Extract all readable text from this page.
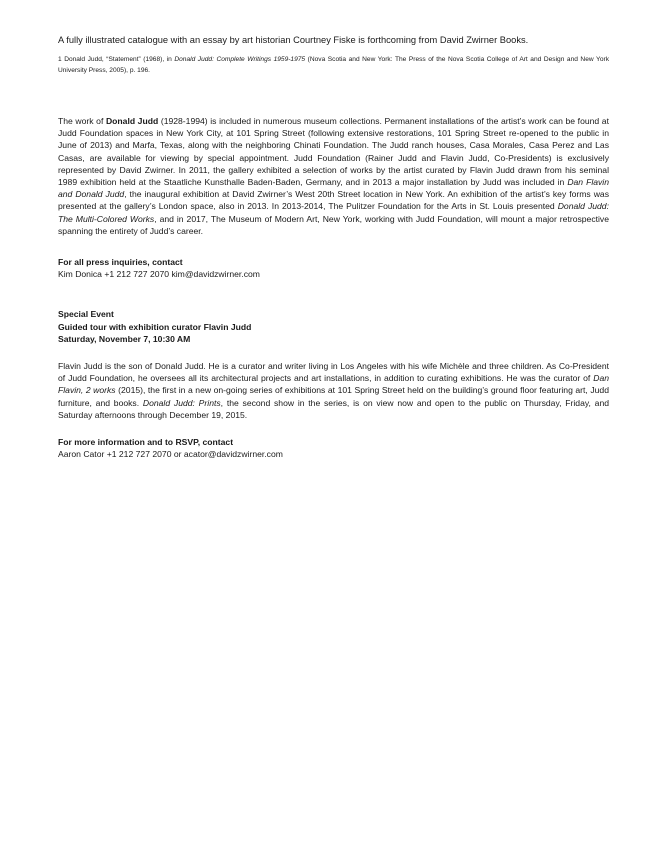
A fully illustrated catalogue with an essay by art historian Courtney Fiske is forthcoming from David Zwirner Books.

1 Donald Judd, “Statement” (1968), in Donald Judd: Complete Writings 1959-1975 (Nova Scotia and New York: The Press of the Nova Scotia College of Art and Design and New York University Press, 2005), p. 196.

The work of Donald Judd (1928-1994) is included in numerous museum collections. Permanent installations of the artist’s work can be found at Judd Foundation spaces in New York City, at 101 Spring Street (following extensive restorations, 101 Spring Street re-opened to the public in June of 2013) and Marfa, Texas, along with the neighboring Chinati Foundation. The Judd ranch houses, Casa Morales, Casa Perez and Las Casas, are available for viewing by special appointment. Judd Foundation (Rainer Judd and Flavin Judd, Co-Presidents) is exclusively represented by David Zwirner. In 2011, the gallery exhibited a selection of works by the artist curated by Flavin Judd drawn from his seminal 1989 exhibition held at the Staatliche Kunsthalle Baden-Baden, Germany, and in 2013 a major installation by Judd was included in Dan Flavin and Donald Judd, the inaugural exhibition at David Zwirner’s West 20th Street location in New York. An exhibition of the artist’s key forms was presented at the gallery’s London space, also in 2013. In 2013-2014, The Pulitzer Foundation for the Arts in St. Louis presented Donald Judd: The Multi-Colored Works, and in 2017, The Museum of Modern Art, New York, working with Judd Foundation, will mount a major retrospective spanning the entirety of Judd’s career.

For all press inquiries, contact

Kim Donica +1 212 727 2070 kim@davidzwirner.com

Special Event

Guided tour with exhibition curator Flavin Judd

Saturday, November 7, 10:30 AM

Flavin Judd is the son of Donald Judd. He is a curator and writer living in Los Angeles with his wife Michèle and three children. As Co-President of Judd Foundation, he oversees all its architectural projects and art installations, in addition to curating exhibitions. He was the curator of Dan Flavin, 2 works (2015), the first in a new on-going series of exhibitions at 101 Spring Street held on the building’s ground floor featuring art, Judd furniture, and books. Donald Judd: Prints, the second show in the series, is on view now and open to the public on Thursday, Friday, and Saturday afternoons through December 19, 2015.

For more information and to RSVP, contact

Aaron Cator +1 212 727 2070 or acator@davidzwirner.com
